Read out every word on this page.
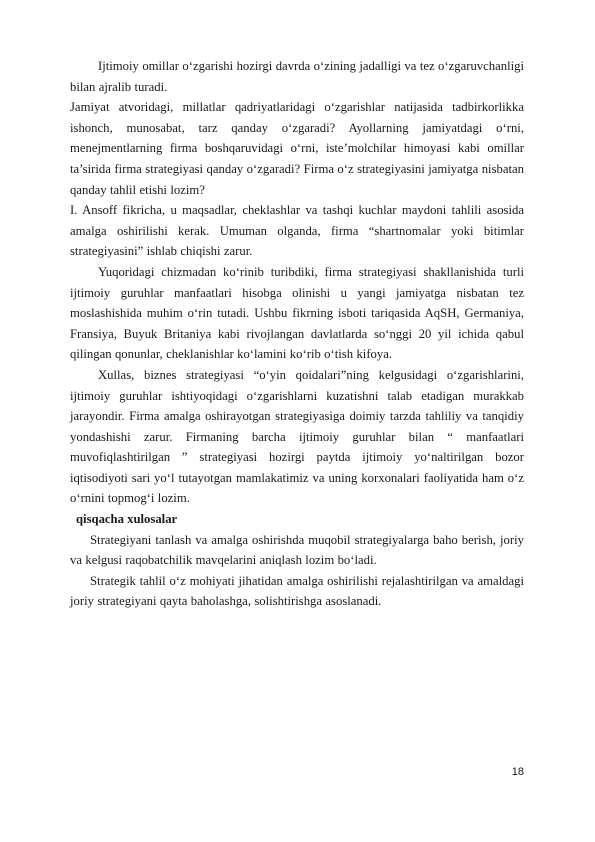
Ijtimoiy omillar o‘zgarishi hozirgi davrda o‘zining jadalligi va tez o‘zgaruvchanligi bilan ajralib turadi.

Jamiyat atvoridagi, millatlar qadriyatlaridagi o‘zgarishlar natijasida tadbirkorlikka ishonch, munosabat, tarz qanday o‘zgaradi? Ayollarning jamiyatdagi o‘rni, menejmentlarning firma boshqaruvidagi o‘rni, iste’molchilar himoyasi kabi omillar ta’sirida firma strategiyasi qanday o‘zgaradi? Firma o‘z strategiyasini jamiyatga nisbatan qanday tahlil etishi lozim?

I. Ansoff fikricha, u maqsadlar, cheklashlar va tashqi kuchlar maydoni tahlili asosida amalga oshirilishi kerak. Umuman olganda, firma “shartnomalar yoki bitimlar strategiyasini” ishlab chiqishi zarur.

Yuqoridagi chizmadan ko‘rinib turibdiki, firma strategiyasi shakllanishida turli ijtimoiy guruhlar manfaatlari hisobga olinishi u yangi jamiyatga nisbatan tez moslashishida muhim o‘rin tutadi. Ushbu fikrning isboti tariqasida AqSH, Germaniya, Fransiya, Buyuk Britaniya kabi rivojlangan davlatlarda so‘nggi 20 yil ichida qabul qilingan qonunlar, cheklanishlar ko‘lamini ko‘rib o‘tish kifoya.

Xullas, biznes strategiyasi “o‘yin qoidalari”ning kelgusidagi o‘zgarishlarini, ijtimoiy guruhlar ishtiyoqidagi o‘zgarishlarni kuzatishni talab etadigan murakkab jarayondir. Firma amalga oshirayotgan strategiyasiga doimiy tarzda tahliliy va tanqidiy yondashishi zarur. Firmaning barcha ijtimoiy guruhlar bilan “ manfaatlari muvofiqlashtirilgan ” strategiyasi hozirgi paytda ijtimoiy yo‘naltirilgan bozor iqtisodiyoti sari yo‘l tutayotgan mamlakatimiz va uning korxonalari faoliyatida ham o‘z o‘rnini topmog‘i lozim.

qisqacha xulosalar

Strategiyani tanlash va amalga oshirishda muqobil strategiyalarga baho berish, joriy va kelgusi raqobatchilik mavqelarini aniqlash lozim bo‘ladi.

Strategik tahlil o‘z mohiyati jihatidan amalga oshirilishi rejalashtirilgan va amaldagi joriy strategiyani qayta baholashga, solishtirishga asoslanadi.

18
